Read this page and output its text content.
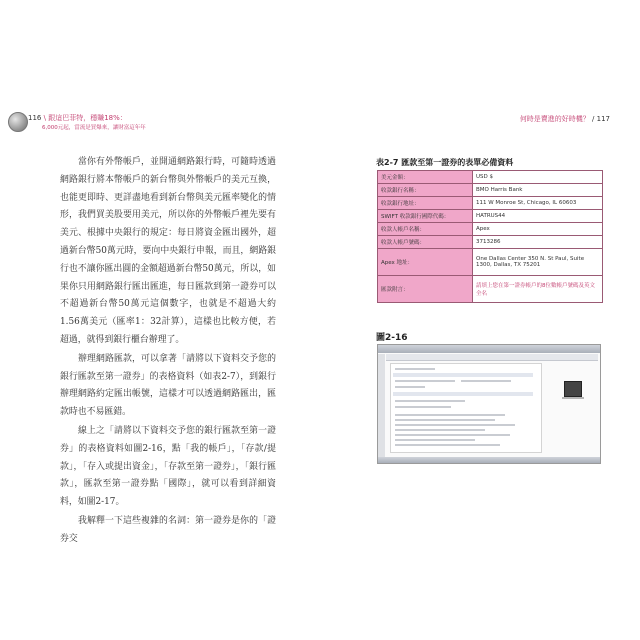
116 \ 跟這巴菲特，穩賺18%：
6,000元起，當流是買爆來，讓財富這年年
何時是賣進的好時機？ / 117

當你有外幣帳戶，並開通網路銀行時，可隨時透過網路銀行將本幣帳戶的新台幣與外幣帳戶的美元互換，也能更即時、更詳盡地看到新台幣與美元匯率變化的情形，我們買美股要用美元，所以你的外幣帳戶裡先要有美元、根據中央銀行的規定：每日將資金匯出國外，超過新台幣50萬元時，要向中央銀行申報，而且，網路銀行也不讓你匯出圓的金額超過新台幣50萬元，所以，如果你只用網路銀行匯出匯進，每日匯款到第一證券可以不超過新台幣50萬元這個數字，也就是不超過大約1.56萬美元（匯率1：32計算），這樣也比較方便，若超過，就得到銀行櫃台辦理了。

辦理網路匯款，可以拿著「請將以下資料交予您的銀行匯款至第一證券」的表格資料（如表2-7），到銀行辦理網路約定匯出帳號，這樣才可以透過網路匯出，匯款時也不易匯錯。

線上之「請將以下資料交予您的銀行匯款至第一證券」的表格資料如圖2-16，點「我的帳戶」，「存款/提款」，「存入或提出資金」，「存款至第一證券」，「銀行匯款」，匯款至第一證券點「國際」，就可以看到詳細資料，如圖2-17。

我解釋一下這些複雜的名詞：第一證券是你的「證券交

表2-7 匯款至第一證券的表單必備資料
美元金額：	USD $
收款銀行名稱：	BMO Harris Bank
收款銀行地址：	111 W Monroe St, Chicago, IL 60603
SWIFT 收款銀行國際代碼：	HATRUS44
收款人帳戶名稱：	Apex
收款人帳戶號碼：	3713286
Apex 地址：	One Dallas Center 350 N. St Paul, Suite 1300, Dallas, TX 75201
匯款附言：	請填上您在第一證券帳戶的8位數帳戶號碼及英文全名
圖2-16
